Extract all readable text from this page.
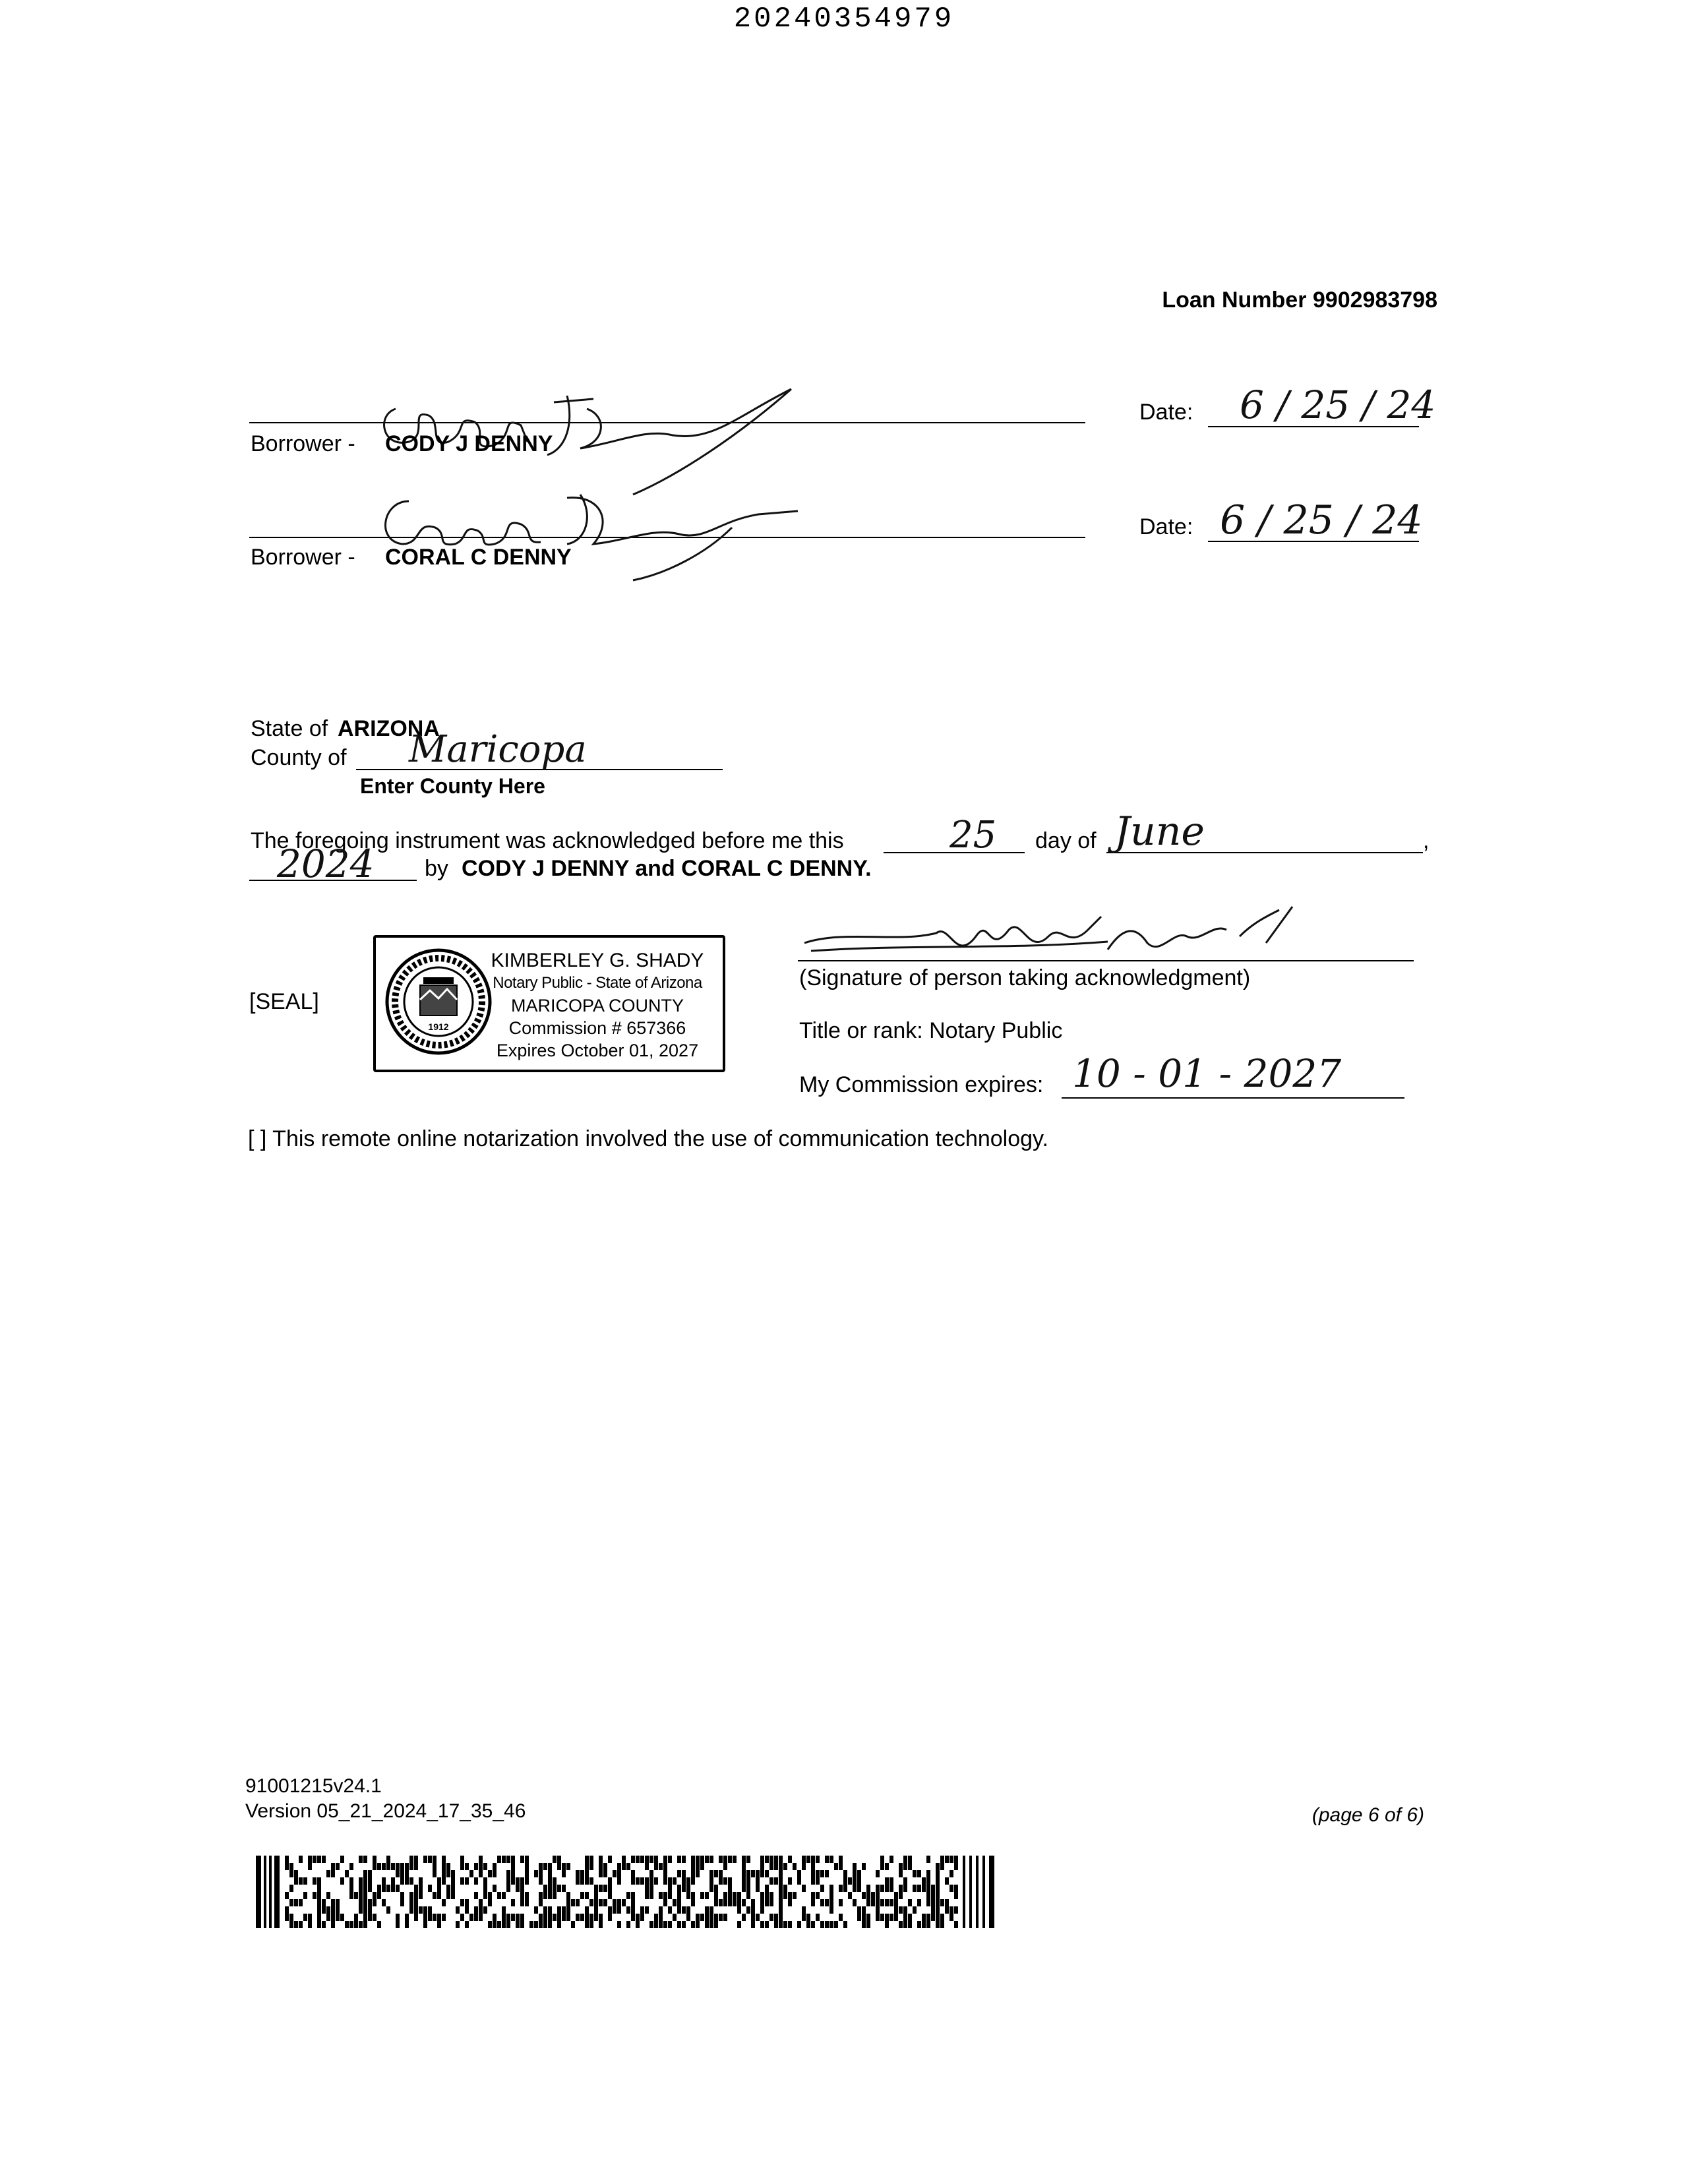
20240354979
Loan Number 9902983798
Borrower - CODY J DENNY
Date: 6 / 25 / 24
Borrower - CORAL C DENNY
Date: 6 / 25 / 24
State of ARIZONA
County of Maricopa
Enter County Here
The foregoing instrument was acknowledged before me this	25 day of June	,
2024 by CODY J DENNY and CORAL C DENNY.
[SEAL]
1912
KIMBERLEY G. SHADY
Notary Public - State of Arizona
MARICOPA COUNTY
Commission # 657366
Expires October 01, 2027
(Signature of person taking acknowledgment)
Title or rank: Notary Public
My Commission expires: 10 - 01 - 2027
[ ] This remote online notarization involved the use of communication technology.
91001215v24.1
Version 05_21_2024_17_35_46	(page 6 of 6)
